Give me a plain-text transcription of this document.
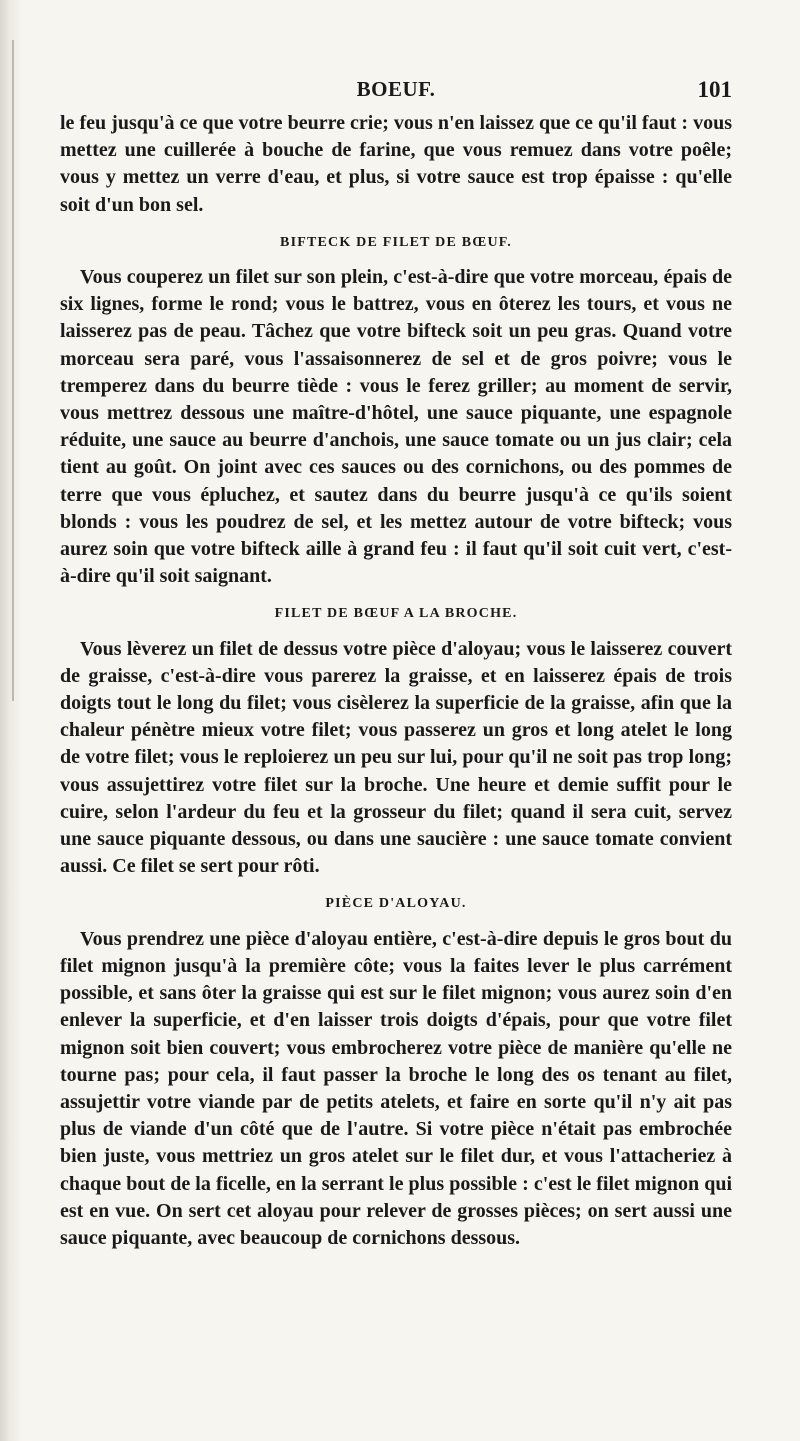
BOEUF.	101

le feu jusqu'à ce que votre beurre crie; vous n'en laissez que ce qu'il faut : vous mettez une cuillerée à bouche de farine, que vous remuez dans votre poêle; vous y mettez un verre d'eau, et plus, si votre sauce est trop épaisse : qu'elle soit d'un bon sel.

BIFTECK DE FILET DE BŒUF.

Vous couperez un filet sur son plein, c'est-à-dire que votre morceau, épais de six lignes, forme le rond; vous le battrez, vous en ôterez les tours, et vous ne laisserez pas de peau. Tâchez que votre bifteck soit un peu gras. Quand votre morceau sera paré, vous l'assaisonnerez de sel et de gros poivre; vous le tremperez dans du beurre tiède : vous le ferez griller; au moment de servir, vous mettrez dessous une maître-d'hôtel, une sauce piquante, une espagnole réduite, une sauce au beurre d'anchois, une sauce tomate ou un jus clair; cela tient au goût. On joint avec ces sauces ou des cornichons, ou des pommes de terre que vous épluchez, et sautez dans du beurre jusqu'à ce qu'ils soient blonds : vous les poudrez de sel, et les mettez autour de votre bifteck; vous aurez soin que votre bifteck aille à grand feu : il faut qu'il soit cuit vert, c'est-à-dire qu'il soit saignant.

FILET DE BŒUF A LA BROCHE.

Vous lèverez un filet de dessus votre pièce d'aloyau; vous le laisserez couvert de graisse, c'est-à-dire vous parerez la graisse, et en laisserez épais de trois doigts tout le long du filet; vous cisèlerez la superficie de la graisse, afin que la chaleur pénètre mieux votre filet; vous passerez un gros et long atelet le long de votre filet; vous le reploierez un peu sur lui, pour qu'il ne soit pas trop long; vous assujettirez votre filet sur la broche. Une heure et demie suffit pour le cuire, selon l'ardeur du feu et la grosseur du filet; quand il sera cuit, servez une sauce piquante dessous, ou dans une saucière : une sauce tomate convient aussi. Ce filet se sert pour rôti.

PIÈCE D'ALOYAU.

Vous prendrez une pièce d'aloyau entière, c'est-à-dire depuis le gros bout du filet mignon jusqu'à la première côte; vous la faites lever le plus carrément possible, et sans ôter la graisse qui est sur le filet mignon; vous aurez soin d'en enlever la superficie, et d'en laisser trois doigts d'épais, pour que votre filet mignon soit bien couvert; vous embrocherez votre pièce de manière qu'elle ne tourne pas; pour cela, il faut passer la broche le long des os tenant au filet, assujettir votre viande par de petits atelets, et faire en sorte qu'il n'y ait pas plus de viande d'un côté que de l'autre. Si votre pièce n'était pas embrochée bien juste, vous mettriez un gros atelet sur le filet dur, et vous l'attacheriez à chaque bout de la ficelle, en la serrant le plus possible : c'est le filet mignon qui est en vue. On sert cet aloyau pour relever de grosses pièces; on sert aussi une sauce piquante, avec beaucoup de cornichons dessous.
